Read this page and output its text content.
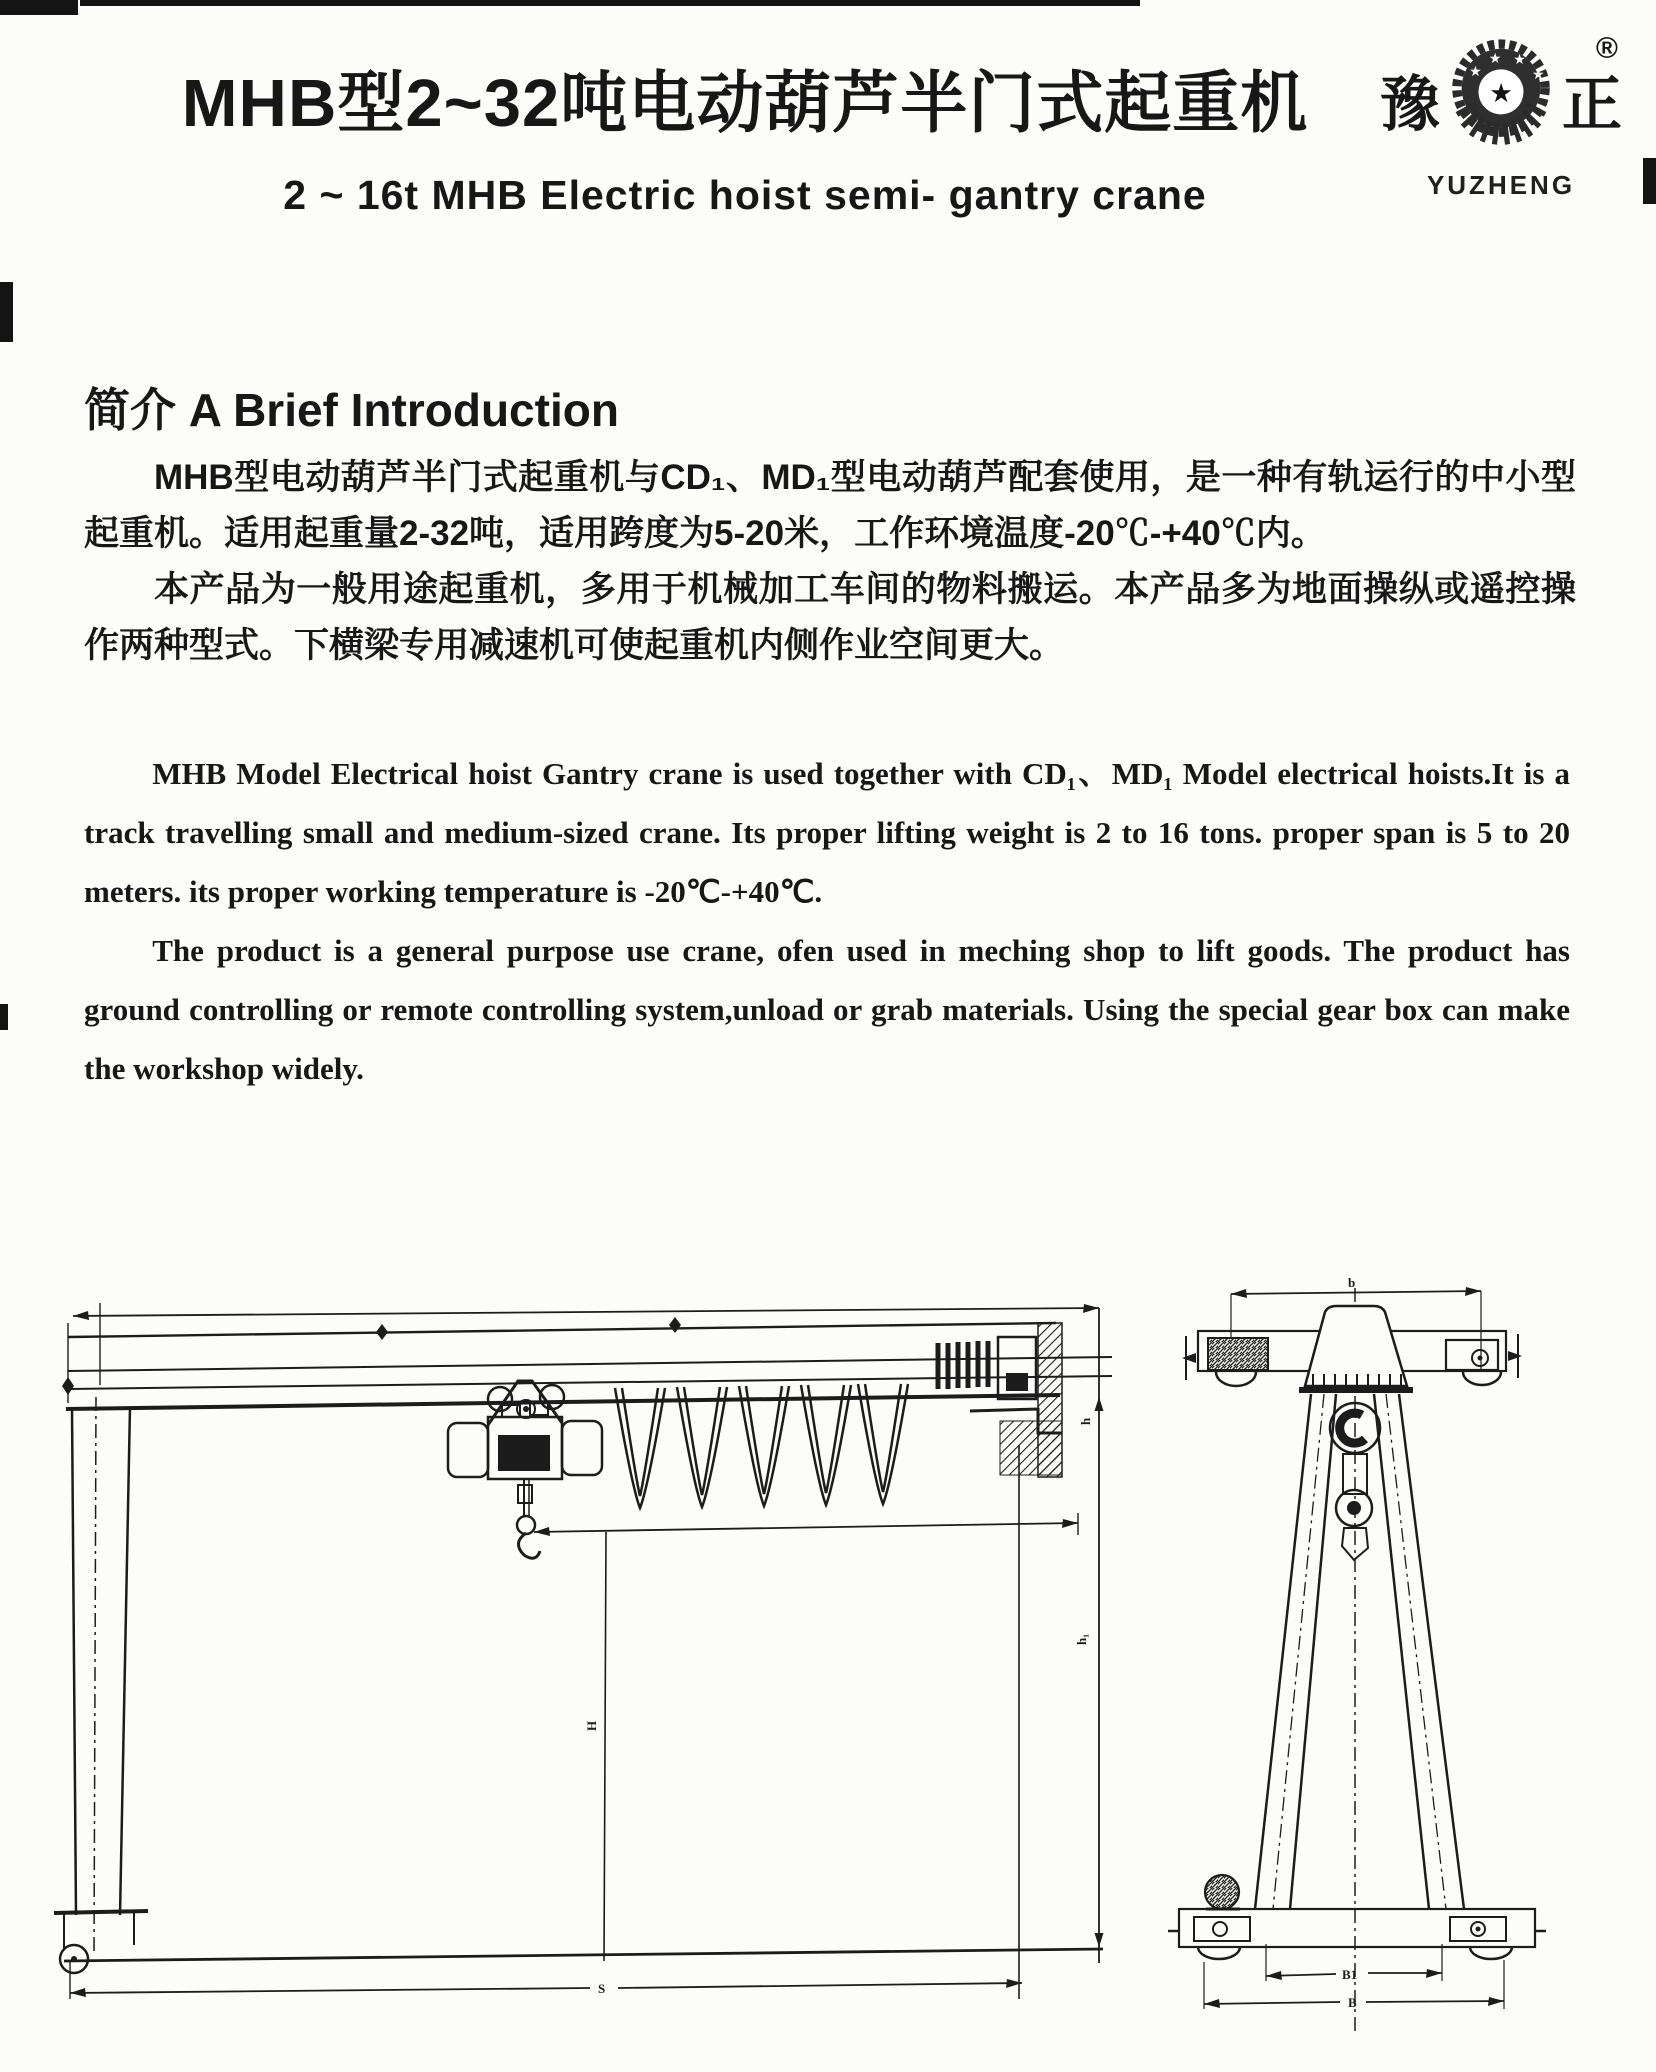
MHB型2~32吨电动葫芦半门式起重机
2 ~ 16t MHB Electric hoist semi- gantry crane
®
豫
★
★ ★
★
★ 正
YUZHENG
简介 A Brief Introduction

MHB型电动葫芦半门式起重机与CD₁、MD₁型电动葫芦配套使用，是一种有轨运行的中小型起重机。适用起重量2-32吨，适用跨度为5-20米，工作环境温度-20℃-+40℃内。

本产品为一般用途起重机，多用于机械加工车间的物料搬运。本产品多为地面操纵或遥控操作两种型式。下横梁专用减速机可使起重机内侧作业空间更大。

MHB Model Electrical hoist Gantry crane is used together with CD₁、MD₁ Model electrical hoists.It is a track travelling small and medium-sized crane. Its proper lifting weight is 2 to 16 tons. proper span is 5 to 20 meters. its proper working temperature is -20℃-+40℃.

The product is a general purpose use crane, ofen used in meching shop to lift goods. The product has ground controlling or remote controlling system,unload or grab materials. Using the special gear box can make the workshop widely.

H
h
h₁
S
b
B1
B
